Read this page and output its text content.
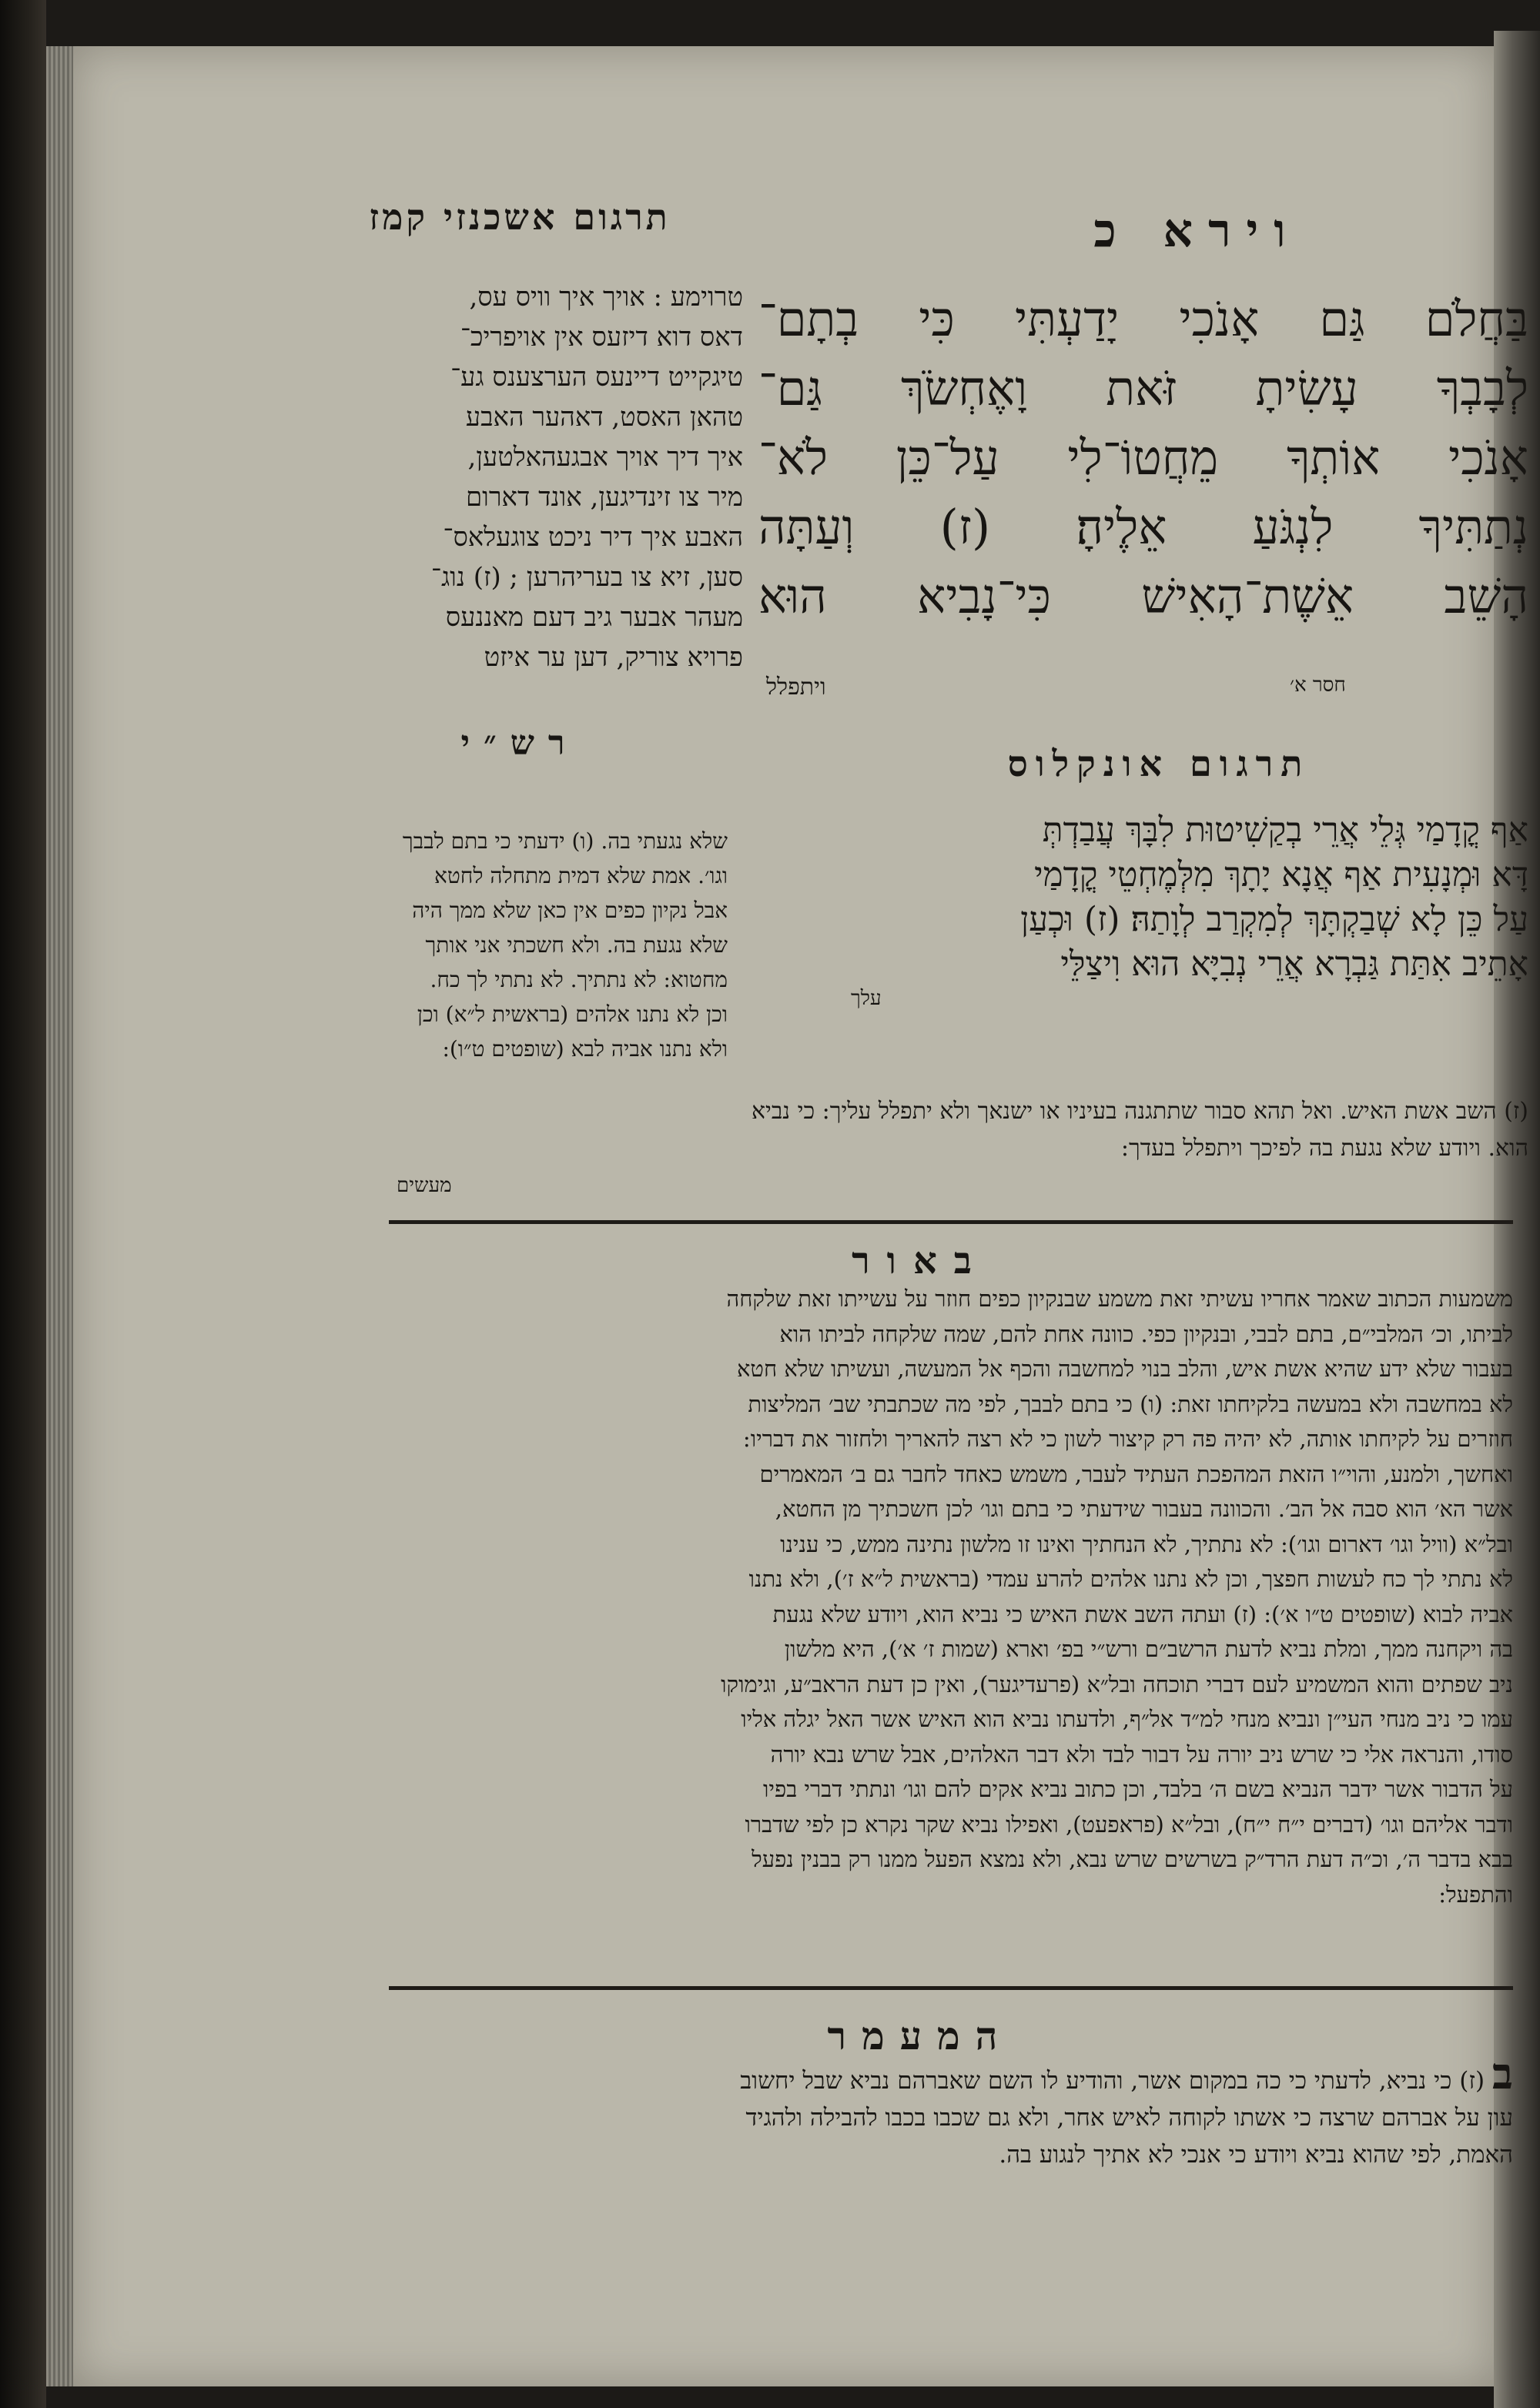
וירא כ
תרגום אשכנזי קמז
בַּחֲלֹם גַּם אָנֹכִי יָדַעְתִּי כִּי בְתָם־
לְבָבְךָ עָשִׂיתָ זֹּאת וָאֶחְשֹׂךְ גַּם־
אָנֹכִי אוֹתְךָ מֵחֲטוֹ־לִי עַל־כֵּן לֹא־
נְתַתִּיךָ לִנְגֹּעַ אֵלֶיהָ׃ (ז) וְעַתָּה
הָשֵׁב אֵשֶׁת־הָאִישׁ כִּי־נָבִיא הוּא
חסר א׳
ויתפלל
טרוימע : אויך איך וויס עס,
דאס דוא דיזעס אין אויפריכ־
טיגקייט דיינעס הערצענס גע־
טהאן האסט, דאהער האבע
איך דיך אויך אבגעהאלטען,
מיר צו זינדיגען, אונד דארום
האבע איך דיר ניכט צוגעלאס־
סען, זיא צו בעריהרען ; (ז) נוג־
מעהר אבער גיב דעם מאננעס
פרויא צוריק, דען ער איזט
רש״י	תרגום אונקלוס
אַף קֳדָמַי גְּלֵי אֲרֵי בְקַשִׁיטוּת לִבָּךְ עֲבַדְתְּ
דָּא וּמְנָעִית אַף אֲנָא יָתָךְ מִלְּמֶחְטֵי קֳדָמַי
עַל כֵּן לָא שְׁבַקְתָּךְ לְמִקְרַב לְוָתַהּ׃ (ז) וּכְעַן
אָתֵיב אִתַּת גַּבְרָא אֲרֵי נְבִיָּא הוּא וִיצַלֵּי
עלך
שלא נגעתי בה. (ו) ידעתי כי בתם לבבך
וגו׳. אמת שלא דמית מתחלה לחטא
אבל נקיון כפים אין כאן שלא ממך היה
שלא נגעת בה. ולא חשכתי אני אותך
מחטוא: לא נתתיך. לא נתתי לך כח.
וכן לא נתנו אלהים (בראשית ל״א) וכן
ולא נתנו אביה לבא (שופטים ט״ו):
(ז) השב אשת האיש. ואל תהא סבור שתתגנה בעיניו או ישנאך ולא יתפלל עליך: כי נביא
הוא. ויודע שלא נגעת בה לפיכך ויתפלל בעדך:
מעשים
באור
משמעות הכתוב שאמר אחריו עשיתי זאת משמע שבנקיון כפים חוזר על עשייתו זאת שלקחה
לביתו, וכ׳ המלבי״ם, בתם לבבי, ובנקיון כפי. כוונה אחת להם, שמה שלקחה לביתו הוא
בעבור שלא ידע שהיא אשת איש, והלב בנוי למחשבה והכף אל המעשה, ועשיתו שלא חטא
לא במחשבה ולא במעשה בלקיחתו זאת: (ו) כי בתם לבבך, לפי מה שכתבתי שב׳ המליצות
חוזרים על לקיחתו אותה, לא יהיה פה רק קיצור לשון כי לא רצה להאריך ולחזור את דבריו:
ואחשך, ולמנע, והוי״ו הזאת המהפכת העתיד לעבר, משמש כאחד לחבר גם ב׳ המאמרים
אשר הא׳ הוא סבה אל הב׳. והכוונה בעבור שידעתי כי בתם וגו׳ לכן חשכתיך מן החטא,
ובל״א (וויל וגו׳ דארום וגו׳): לא נתתיך, לא הנחתיך ואינו זו מלשון נתינה ממש, כי ענינו
לא נתתי לך כח לעשות חפצך, וכן לא נתנו אלהים להרע עמדי (בראשית ל״א ז׳), ולא נתנו
אביה לבוא (שופטים ט״ו א׳): (ז) ועתה השב אשת האיש כי נביא הוא, ויודע שלא נגעת
בה ויקחנה ממך, ומלת נביא לדעת הרשב״ם ורש״י בפ׳ וארא (שמות ז׳ א׳), היא מלשון
ניב שפתים והוא המשמיע לעם דברי תוכחה ובל״א (פרעדיגער), ואין כן דעת הראב״ע, וגימוקו
עמו כי ניב מנחי העי״ן ונביא מנחי למ״ד אל״ף, ולדעתו נביא הוא האיש אשר האל יגלה אליו
סודו, והנראה אלי כי שרש ניב יורה על דבור לבד ולא דבר האלהים, אבל שרש נבא יורה
על הדבור אשר ידבר הנביא בשם ה׳ בלבד, וכן כתוב נביא אקים להם וגו׳ ונתתי דברי בפיו
ודבר אליהם וגו׳ (דברים י״ח י״ח), ובל״א (פראפעט), ואפילו נביא שקר נקרא כן לפי שדברו
בבא בדבר ה׳, וכ״ה דעת הרד״ק בשרשים שרש נבא, ולא נמצא הפעל ממנו רק בבנין נפעל
והתפעל:
המעמר
ב (ז) כי נביא, לדעתי כי כה במקום אשר, והודיע לו השם שאברהם נביא שבל יחשוב
עון על אברהם שרצה כי אשתו לקוחה לאיש אחר, ולא גם שכבו בכבו להבילה ולהגיד
האמת, לפי שהוא נביא ויודע כי אנכי לא אתיך לנגוע בה.
